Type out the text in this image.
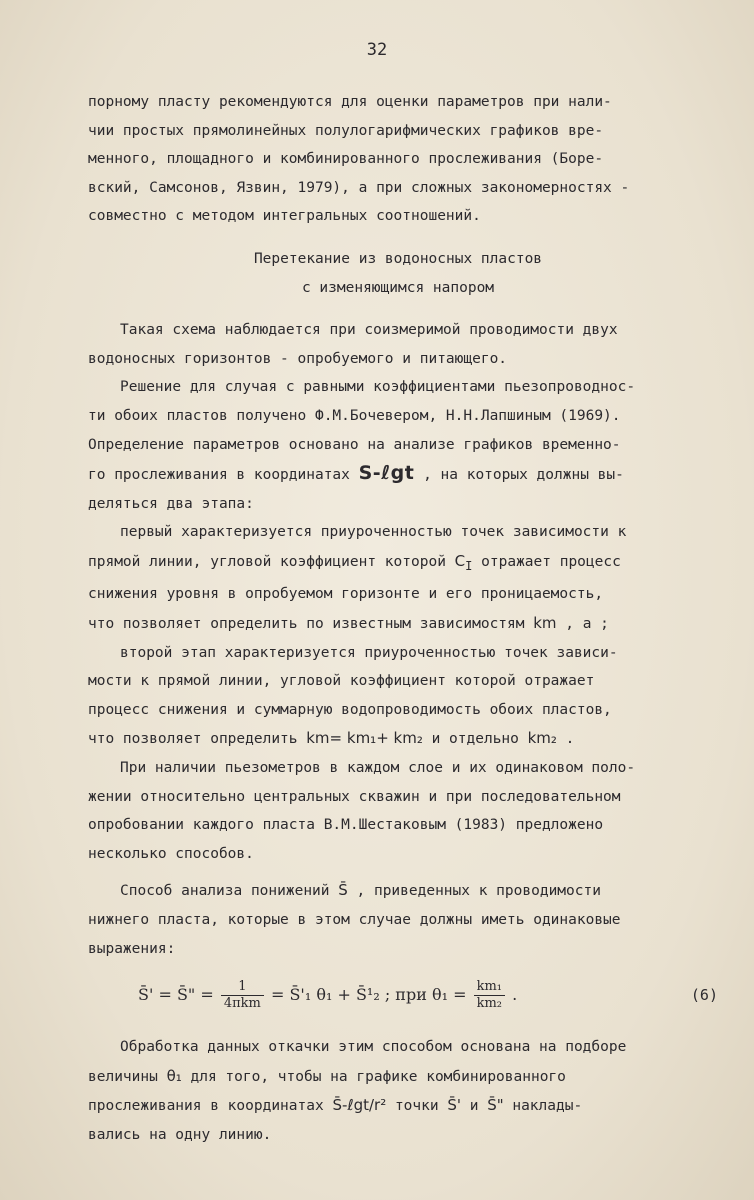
32

порному пласту рекомендуются для оценки параметров при нали-

чии простых прямолинейных полулогарифмических графиков вре-

менного, площадного и комбинированного прослеживания (Боре-

вский, Самсонов, Язвин, 1979), а при сложных закономерностях -

совместно с методом интегральных соотношений.

Перетекание из водоносных пластов

с изменяющимся напором

Такая схема наблюдается при соизмеримой проводимости двух

водоносных горизонтов - опробуемого и питающего.

Решение для случая с равными коэффициентами пьезопроводнос-

ти обоих пластов получено Ф.М.Бочевером, Н.Н.Лапшиным (1969).

Определение параметров основано на анализе графиков временно-

го прослеживания в координатах S-ℓgt , на которых должны вы-

деляться два этапа:

первый характеризуется приуроченностью точек зависимости к

прямой линии, угловой коэффициент которой $C_I$ отражает процесс

снижения уровня в опробуемом горизонте и его проницаемость,

что позволяет определить по известным зависимостям km , a ;

второй этап характеризуется приуроченностью точек зависи-

мости к прямой линии, угловой коэффициент которой отражает

процесс снижения и суммарную водопроводимость обоих пластов,

что позволяет определить km= km₁+ km₂ и отдельно km₂ .

При наличии пьезометров в каждом слое и их одинаковом поло-

жении относительно центральных скважин и при последовательном

опробовании каждого пласта В.М.Шестаковым (1983) предложено

несколько способов.

Способ анализа понижений S̄ , приведенных к проводимости

нижнего пласта, которые в этом случае должны иметь одинаковые

выражения:

S̄' = S̄" = $\frac{1}{\text{4πkm}}$ = S̄'₁ θ₁ + S̄¹₂ ; при $\theta_1 = \frac{\text{km₁}}{\text{km₂}}$ .	(6)

Обработка данных откачки этим способом основана на подборе

величины θ₁ для того, чтобы на графике комбинированного

прослеживания в координатах S̄-ℓgt/r² точки S̄' и S̄" наклады-

вались на одну линию.
